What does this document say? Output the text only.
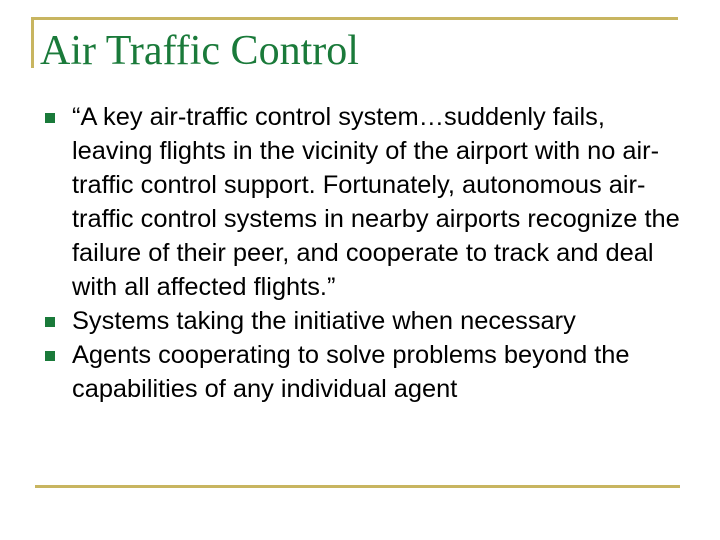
Air Traffic Control
“A key air-traffic control system…suddenly fails, leaving flights in the vicinity of the airport with no air-traffic control support. Fortunately, autonomous air-traffic control systems in nearby airports recognize the failure of their peer, and cooperate to track and deal with all affected flights.”
Systems taking the initiative when necessary
Agents cooperating to solve problems beyond the capabilities of any individual agent
